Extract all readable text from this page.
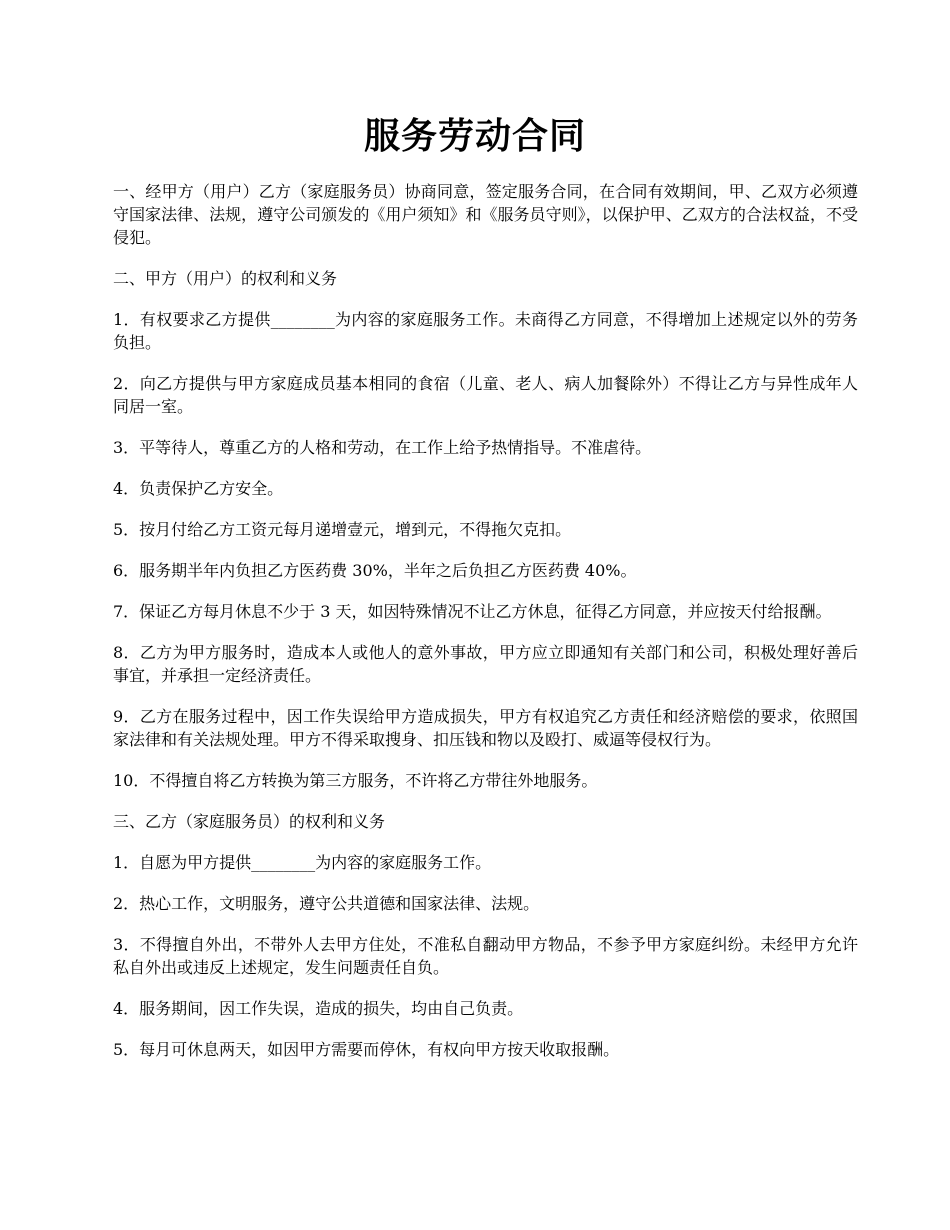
服务劳动合同

一、经甲方（用户）乙方（家庭服务员）协商同意，签定服务合同，在合同有效期间，甲、乙双方必须遵守国家法律、法规，遵守公司颁发的《用户须知》和《服务员守则》，以保护甲、乙双方的合法权益，不受侵犯。

二、甲方（用户）的权利和义务

1．有权要求乙方提供________为内容的家庭服务工作。未商得乙方同意，不得增加上述规定以外的劳务负担。

2．向乙方提供与甲方家庭成员基本相同的食宿（儿童、老人、病人加餐除外）不得让乙方与异性成年人同居一室。

3．平等待人，尊重乙方的人格和劳动，在工作上给予热情指导。不准虐待。

4．负责保护乙方安全。

5．按月付给乙方工资元每月递增壹元，增到元，不得拖欠克扣。

6．服务期半年内负担乙方医药费 30%，半年之后负担乙方医药费 40%。

7．保证乙方每月休息不少于 3 天，如因特殊情况不让乙方休息，征得乙方同意，并应按天付给报酬。

8．乙方为甲方服务时，造成本人或他人的意外事故，甲方应立即通知有关部门和公司，积极处理好善后事宜，并承担一定经济责任。

9．乙方在服务过程中，因工作失误给甲方造成损失，甲方有权追究乙方责任和经济赔偿的要求，依照国家法律和有关法规处理。甲方不得采取搜身、扣压钱和物以及殴打、威逼等侵权行为。

10．不得擅自将乙方转换为第三方服务，不许将乙方带往外地服务。

三、乙方（家庭服务员）的权利和义务

1．自愿为甲方提供________为内容的家庭服务工作。

2．热心工作，文明服务，遵守公共道德和国家法律、法规。

3．不得擅自外出，不带外人去甲方住处，不准私自翻动甲方物品，不参予甲方家庭纠纷。未经甲方允许私自外出或违反上述规定，发生问题责任自负。

4．服务期间，因工作失误，造成的损失，均由自己负责。

5．每月可休息两天，如因甲方需要而停休，有权向甲方按天收取报酬。
